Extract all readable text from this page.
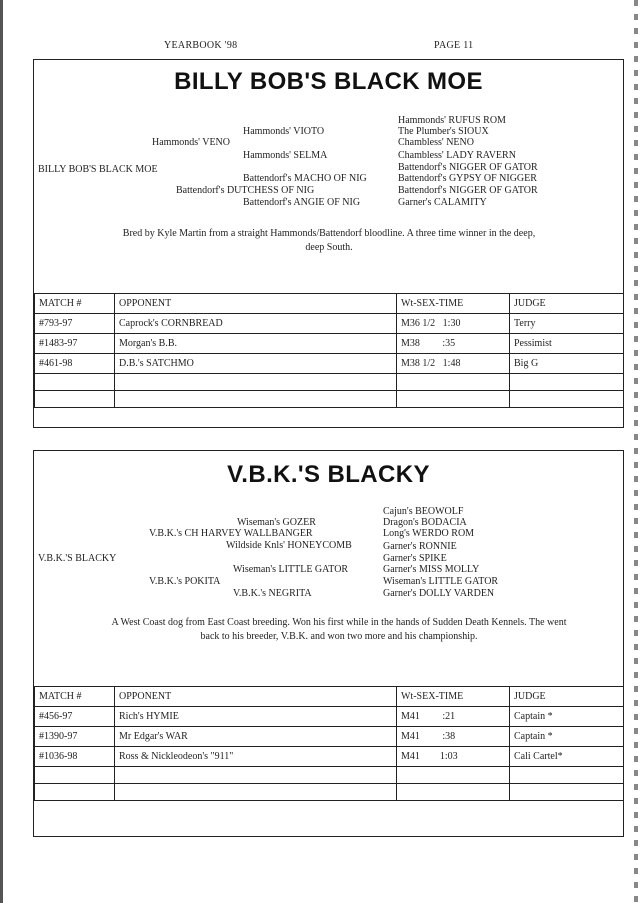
YEARBOOK '98	PAGE 11
BILLY BOB'S BLACK MOE
BILLY BOB'S BLACK MOE
Hammonds' RUFUS ROM
Hammonds' VIOTO	The Plumber's SIOUX
Hammonds' VENO	Chambless' NENO
Hammonds' SELMA	Chambless' LADY RAVERN
Battendorf's NIGGER OF GATOR
Battendorf's MACHO OF NIG	Battendorf's GYPSY OF NIGGER
Battendorf's DUTCHESS OF NIG	Battendorf's NIGGER OF GATOR
Battendorf's ANGIE OF NIG	Garner's CALAMITY
Bred by Kyle Martin from a straight Hammonds/Battendorf bloodline. A three time winner in the deep, deep South.
MATCH #	OPPONENT	Wt-SEX-TIME	JUDGE
#793-97	Caprock's CORNBREAD	M36 1/2   1:30	Terry
#1483-97	Morgan's B.B.	M38         :35	Pessimist
#461-98	D.B.'s SATCHMO	M38 1/2   1:48	Big G

V.B.K.'S BLACKY
V.B.K.'S BLACKY
Cajun's BEOWOLF
Wiseman's GOZER	Dragon's BODACIA
V.B.K.'s CH HARVEY WALLBANGER	Long's WERDO ROM
Wildside Knls' HONEYCOMB	Garner's RONNIE
Garner's SPIKE
Wiseman's LITTLE GATOR	Garner's MISS MOLLY
V.B.K.'s POKITA	Wiseman's LITTLE GATOR
V.B.K.'s NEGRITA	Garner's DOLLY VARDEN
A West Coast dog from East Coast breeding. Won his first while in the hands of Sudden Death Kennels. The went back to his breeder, V.B.K. and won two more and his championship.
MATCH #	OPPONENT	Wt-SEX-TIME	JUDGE
#456-97	Rich's HYMIE	M41         :21	Captain *
#1390-97	Mr Edgar's WAR	M41         :38	Captain *
#1036-98	Ross & Nickleodeon's "911"	M41        1:03	Cali Cartel*
